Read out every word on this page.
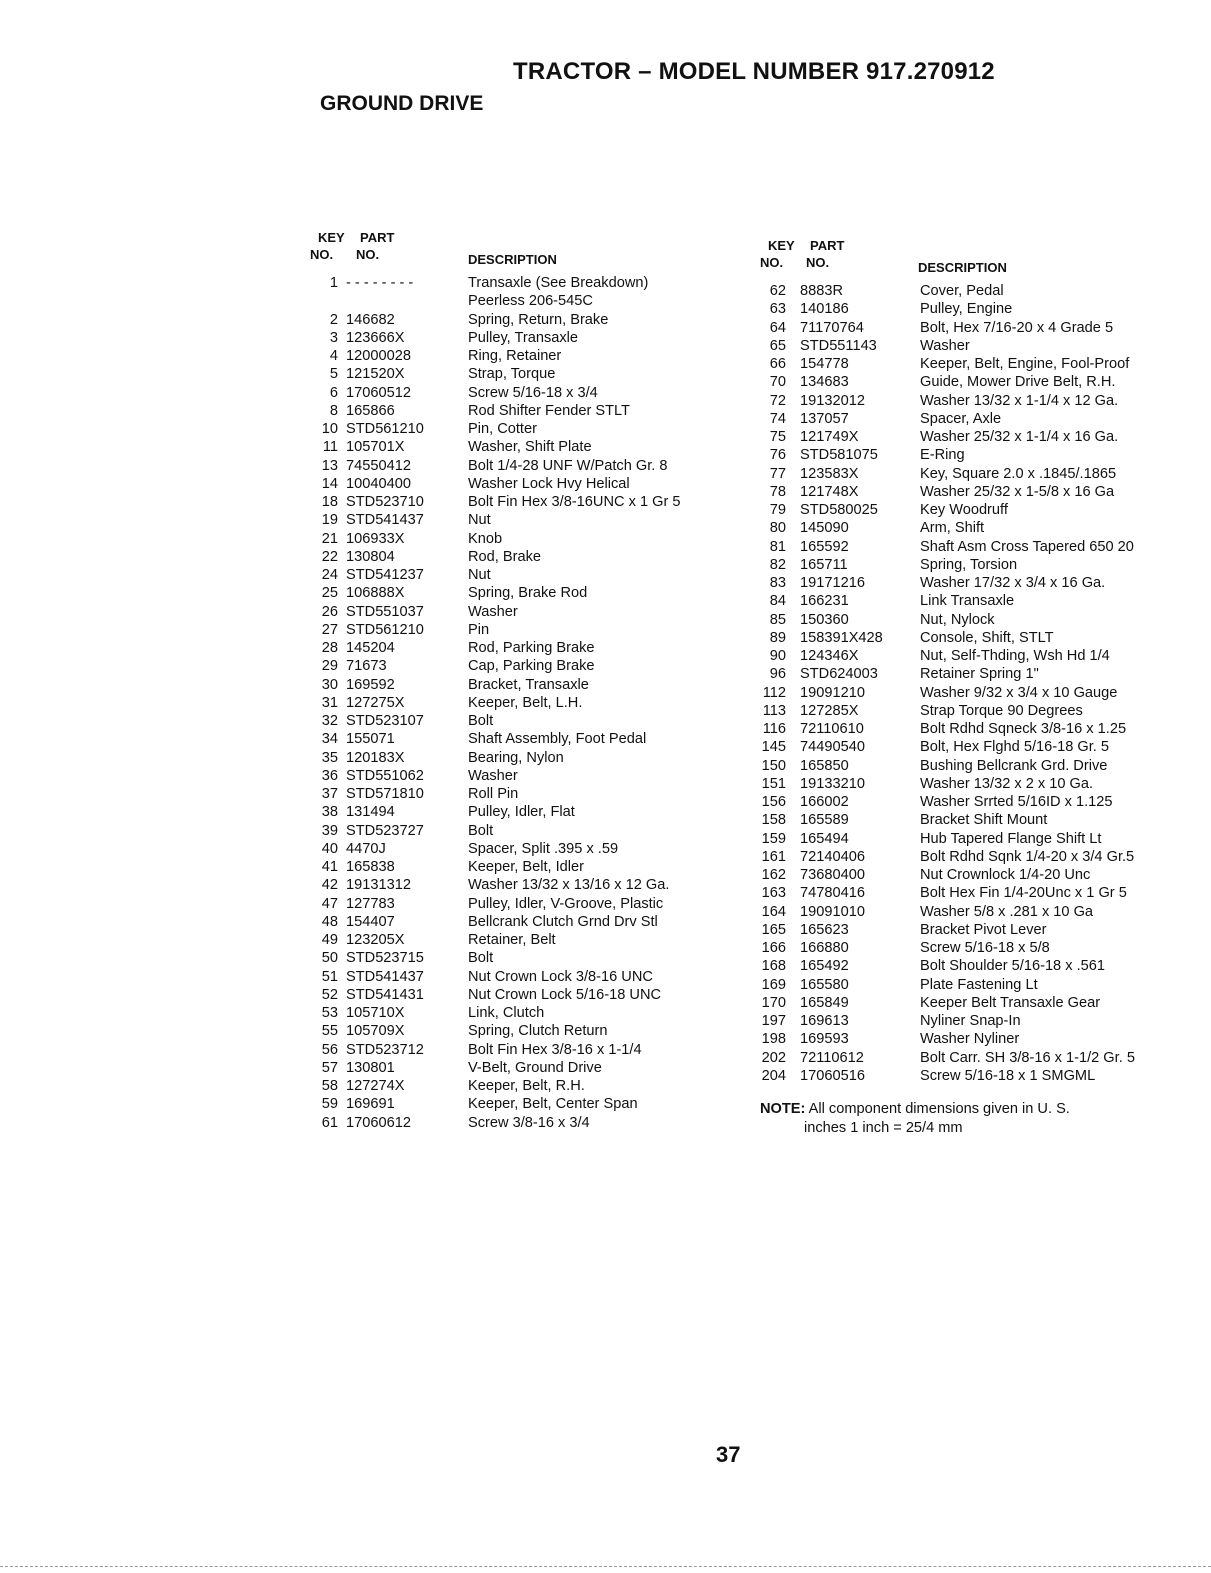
TRACTOR – MODEL NUMBER 917.270912
GROUND DRIVE
KEY PART
NO. NO.	DESCRIPTION
1 - - - - - - - -	Transaxle (See Breakdown)
Peerless 206-545C
2 146682	Spring, Return, Brake
3 123666X	Pulley, Transaxle
4 12000028	Ring, Retainer
5 121520X	Strap, Torque
6 17060512	Screw 5/16-18 x 3/4
8 165866	Rod Shifter Fender STLT
10 STD561210	Pin, Cotter
11 105701X	Washer, Shift Plate
13 74550412	Bolt 1/4-28 UNF W/Patch Gr. 8
14 10040400	Washer Lock Hvy Helical
18 STD523710	Bolt Fin Hex 3/8-16UNC x 1 Gr 5
19 STD541437	Nut
21 106933X	Knob
22 130804	Rod, Brake
24 STD541237	Nut
25 106888X	Spring, Brake Rod
26 STD551037	Washer
27 STD561210	Pin
28 145204	Rod, Parking Brake
29 71673	Cap, Parking Brake
30 169592	Bracket, Transaxle
31 127275X	Keeper, Belt, L.H.
32 STD523107	Bolt
34 155071	Shaft Assembly, Foot Pedal
35 120183X	Bearing, Nylon
36 STD551062	Washer
37 STD571810	Roll Pin
38 131494	Pulley, Idler, Flat
39 STD523727	Bolt
40 4470J	Spacer, Split .395 x .59
41 165838	Keeper, Belt, Idler
42 19131312	Washer 13/32 x 13/16 x 12 Ga.
47 127783	Pulley, Idler, V-Groove, Plastic
48 154407	Bellcrank Clutch Grnd Drv Stl
49 123205X	Retainer, Belt
50 STD523715	Bolt
51 STD541437	Nut Crown Lock 3/8-16 UNC
52 STD541431	Nut Crown Lock 5/16-18 UNC
53 105710X	Link, Clutch
55 105709X	Spring, Clutch Return
56 STD523712	Bolt Fin Hex 3/8-16 x 1-1/4
57 130801	V-Belt, Ground Drive
58 127274X	Keeper, Belt, R.H.
59 169691	Keeper, Belt, Center Span
61 17060612	Screw 3/8-16 x 3/4
KEY PART
NO. NO.	DESCRIPTION
62 8883R	Cover, Pedal
63 140186	Pulley, Engine
64 71170764	Bolt, Hex 7/16-20 x 4 Grade 5
65 STD551143	Washer
66 154778	Keeper, Belt, Engine, Fool-Proof
70 134683	Guide, Mower Drive Belt, R.H.
72 19132012	Washer 13/32 x 1-1/4 x 12 Ga.
74 137057	Spacer, Axle
75 121749X	Washer 25/32 x 1-1/4 x 16 Ga.
76 STD581075	E-Ring
77 123583X	Key, Square 2.0 x .1845/.1865
78 121748X	Washer 25/32 x 1-5/8 x 16 Ga
79 STD580025	Key Woodruff
80 145090	Arm, Shift
81 165592	Shaft Asm Cross Tapered 650 20
82 165711	Spring, Torsion
83 19171216	Washer 17/32 x 3/4 x 16 Ga.
84 166231	Link Transaxle
85 150360	Nut, Nylock
89 158391X428	Console, Shift, STLT
90 124346X	Nut, Self-Thding, Wsh Hd 1/4
96 STD624003	Retainer Spring 1"
112 19091210	Washer 9/32 x 3/4 x 10 Gauge
113 127285X	Strap Torque 90 Degrees
116 72110610	Bolt Rdhd Sqneck 3/8-16 x 1.25
145 74490540	Bolt, Hex Flghd 5/16-18 Gr. 5
150 165850	Bushing Bellcrank Grd. Drive
151 19133210	Washer 13/32 x 2 x 10 Ga.
156 166002	Washer Srrted 5/16ID x 1.125
158 165589	Bracket Shift Mount
159 165494	Hub Tapered Flange Shift Lt
161 72140406	Bolt Rdhd Sqnk 1/4-20 x 3/4 Gr.5
162 73680400	Nut Crownlock 1/4-20 Unc
163 74780416	Bolt Hex Fin 1/4-20Unc x 1 Gr 5
164 19091010	Washer 5/8 x .281 x 10 Ga
165 165623	Bracket Pivot Lever
166 166880	Screw 5/16-18 x 5/8
168 165492	Bolt Shoulder 5/16-18 x .561
169 165580	Plate Fastening Lt
170 165849	Keeper Belt Transaxle Gear
197 169613	Nyliner Snap-In
198 169593	Washer Nyliner
202 72110612	Bolt Carr. SH 3/8-16 x 1-1/2 Gr. 5
204 17060516	Screw 5/16-18 x 1 SMGML
NOTE: All component dimensions given in U. S.
inches 1 inch = 25/4 mm
37
